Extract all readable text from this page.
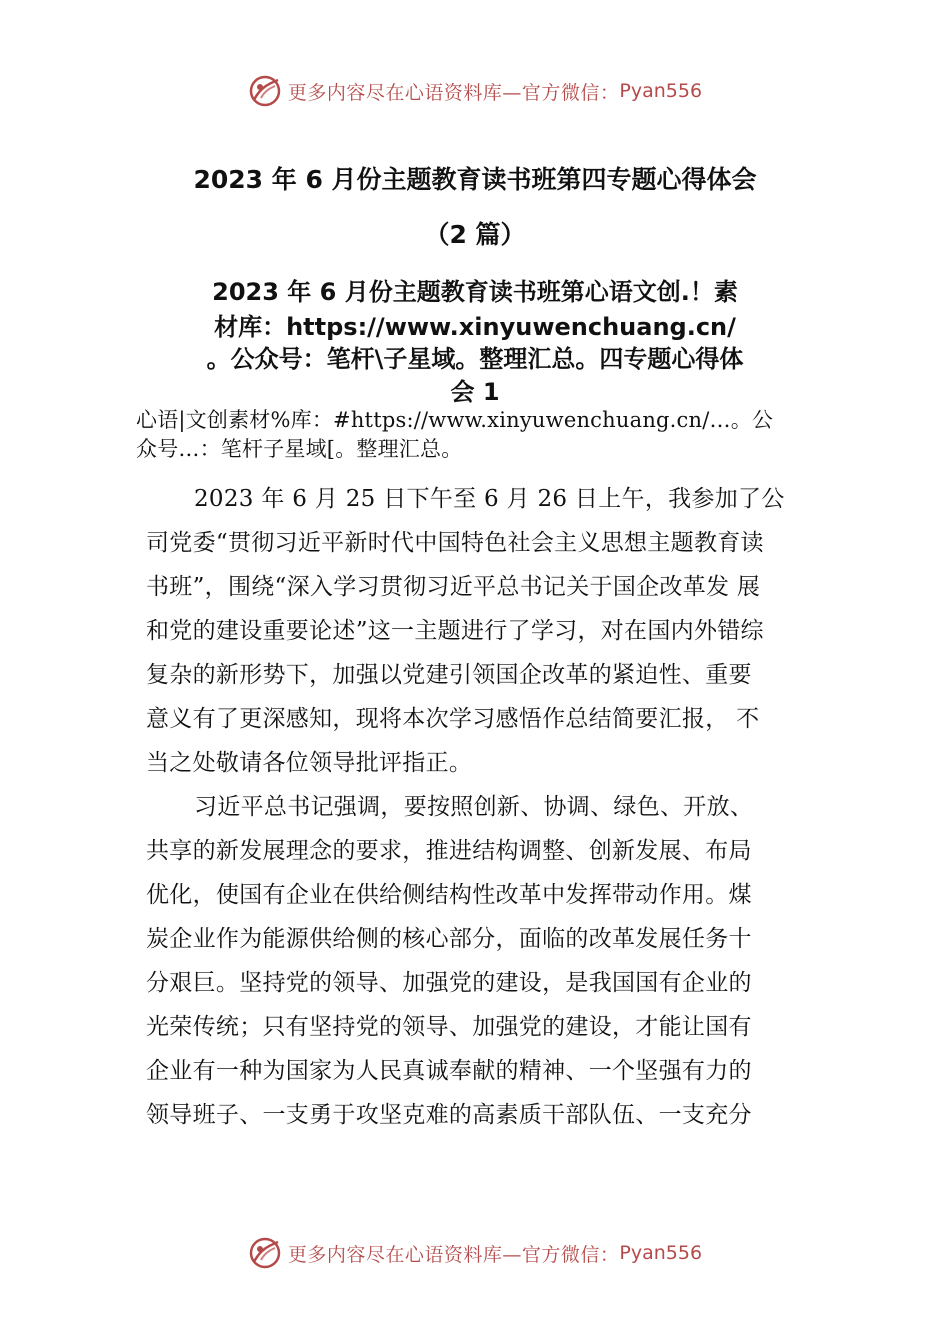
更多内容尽在心语资料库—官方微信： Pyan556
2023 年 6 月份主题教育读书班第四专题心得体会
（2 篇）
2023 年 6 月份主题教育读书班第心语文创.！素
材库：https://www.xinyuwenchuang.cn/
。公众号：笔杆\子星域。整理汇总。四专题心得体
会 1
心语|文创素材%库：#https://www.xinyuwenchuang.cn/…。公
众号…：笔杆子星域[。整理汇总。
2023 年 6 月 25 日下午至 6 月 26 日上午，我参加了公
司党委“贯彻习近平新时代中国特色社会主义思想主题教育读
书班”，围绕“深入学习贯彻习近平总书记关于国企改革发 展
和党的建设重要论述”这一主题进行了学习，对在国内外错综
复杂的新形势下，加强以党建引领国企改革的紧迫性、重要
意义有了更深感知，现将本次学习感悟作总结简要汇报， 不
当之处敬请各位领导批评指正。
习近平总书记强调，要按照创新、协调、绿色、开放、
共享的新发展理念的要求，推进结构调整、创新发展、布局
优化，使国有企业在供给侧结构性改革中发挥带动作用。煤
炭企业作为能源供给侧的核心部分，面临的改革发展任务十
分艰巨。坚持党的领导、加强党的建设，是我国国有企业的
光荣传统；只有坚持党的领导、加强党的建设，才能让国有
企业有一种为国家为人民真诚奉献的精神、一个坚强有力的
领导班子、一支勇于攻坚克难的高素质干部队伍、一支充分
更多内容尽在心语资料库—官方微信： Pyan556
